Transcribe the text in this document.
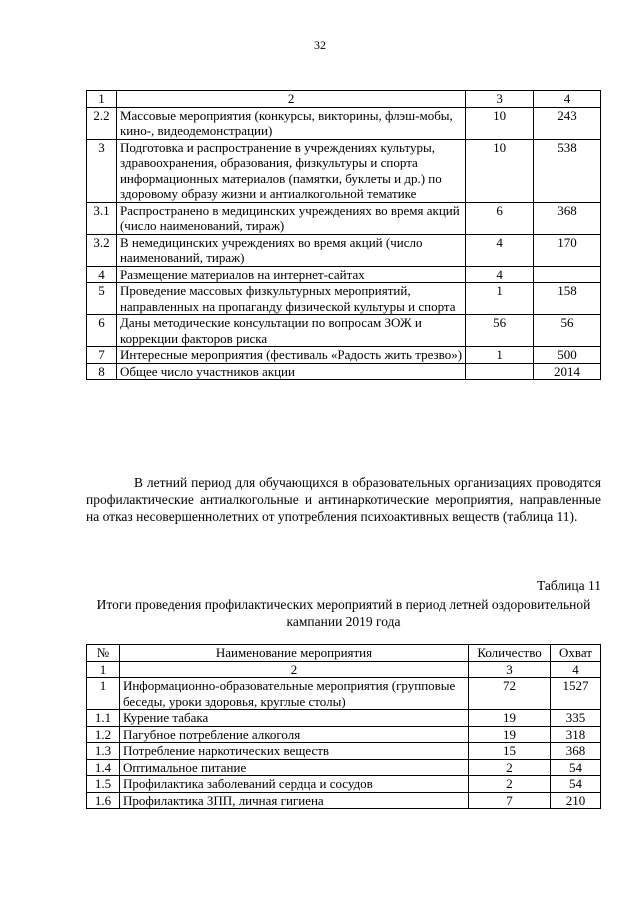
32
1	2	3	4
2.2	Массовые мероприятия (конкурсы, викторины, флэш-мобы, кино-, видеодемонстрации)	10	243
3	Подготовка и распространение в учреждениях культуры, здравоохранения, образования, физкультуры и спорта информационных материалов (памятки, буклеты и др.) по здоровому образу жизни и антиалкогольной тематике	10	538
3.1	Распространено в медицинских учреждениях во время акций (число наименований, тираж)	6	368
3.2	В немедицинских учреждениях во время акций (число наименований, тираж)	4	170
4	Размещение материалов на интернет-сайтах	4	
5	Проведение массовых физкультурных мероприятий, направленных на пропаганду физической культуры и спорта	1	158
6	Даны методические консультации по вопросам ЗОЖ и коррекции факторов риска	56	56
7	Интересные мероприятия (фестиваль «Радость жить трезво»)	1	500
8	Общее число участников акции		2014

В летний период для обучающихся в образовательных организациях проводятся профилактические антиалкогольные и антинаркотические мероприятия, направленные на отказ несовершеннолетних от употребления психоактивных веществ (таблица 11).

Таблица 11
Итоги проведения профилактических мероприятий в период летней оздоровительной кампании 2019 года
№	Наименование мероприятия	Количество	Охват
1	2	3	4
1	Информационно-образовательные мероприятия (групповые беседы, уроки здоровья, круглые столы)	72	1527
1.1	Курение табака	19	335
1.2	Пагубное потребление алкоголя	19	318
1.3	Потребление наркотических веществ	15	368
1.4	Оптимальное питание	2	54
1.5	Профилактика заболеваний сердца и сосудов	2	54
1.6	Профилактика ЗПП, личная гигиена	7	210
